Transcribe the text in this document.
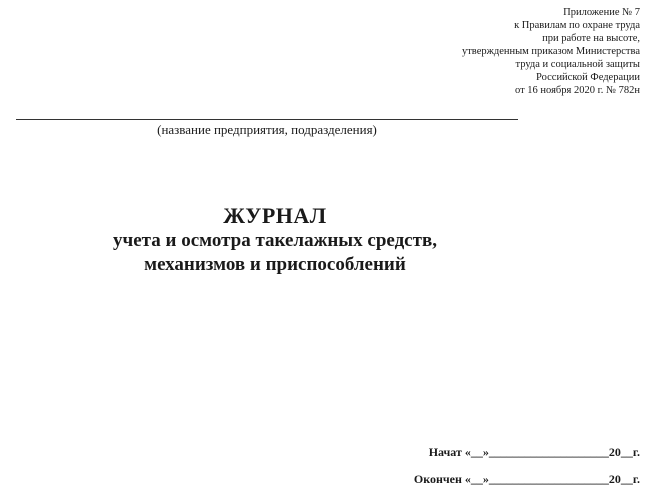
Приложение № 7
к Правилам по охране труда
при работе на высоте,
утвержденным приказом Министерства
труда и социальной защиты
Российской Федерации
от 16 ноября 2020 г. № 782н
(название предприятия, подразделения)
ЖУРНАЛ
учета и осмотра такелажных средств,
механизмов и приспособлений
Начат «__»____________________20__г.
Окончен «__»____________________20__г.
